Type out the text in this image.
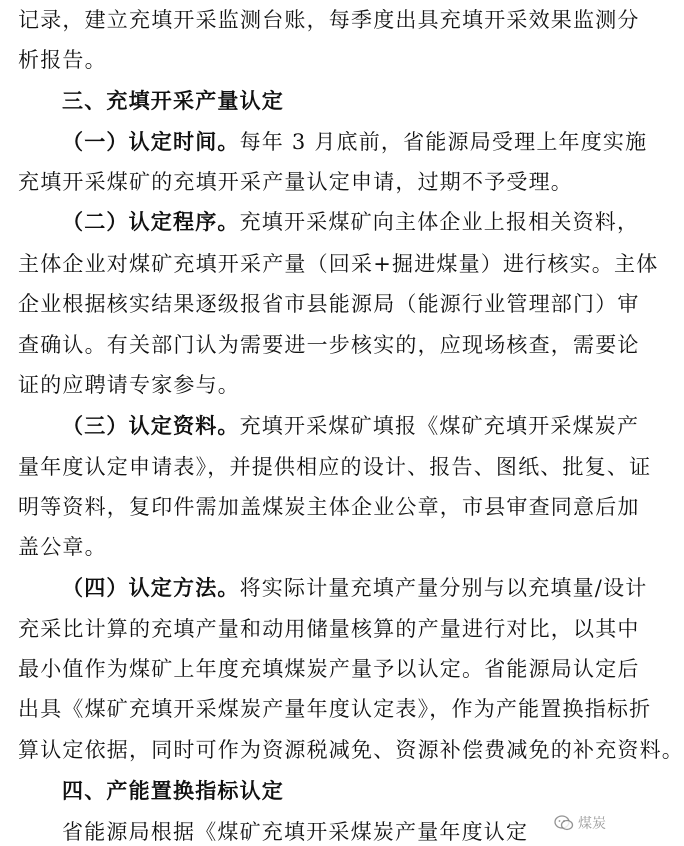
记录，建立充填开采监测台账，每季度出具充填开采效果监测分
析报告。
三、充填开采产量认定
（一）认定时间。每年 3 月底前，省能源局受理上年度实施
充填开采煤矿的充填开采产量认定申请，过期不予受理。
（二）认定程序。充填开采煤矿向主体企业上报相关资料，
主体企业对煤矿充填开采产量（回采+掘进煤量）进行核实。主体
企业根据核实结果逐级报省市县能源局（能源行业管理部门）审
查确认。有关部门认为需要进一步核实的，应现场核查，需要论
证的应聘请专家参与。
（三）认定资料。充填开采煤矿填报《煤矿充填开采煤炭产
量年度认定申请表》，并提供相应的设计、报告、图纸、批复、证
明等资料，复印件需加盖煤炭主体企业公章，市县审查同意后加
盖公章。
（四）认定方法。将实际计量充填产量分别与以充填量/设计
充采比计算的充填产量和动用储量核算的产量进行对比，以其中
最小值作为煤矿上年度充填煤炭产量予以认定。省能源局认定后
出具《煤矿充填开采煤炭产量年度认定表》，作为产能置换指标折
算认定依据，同时可作为资源税减免、资源补偿费减免的补充资料。
四、产能置换指标认定
省能源局根据《煤矿充填开采煤炭产量年度认定	煤炭
